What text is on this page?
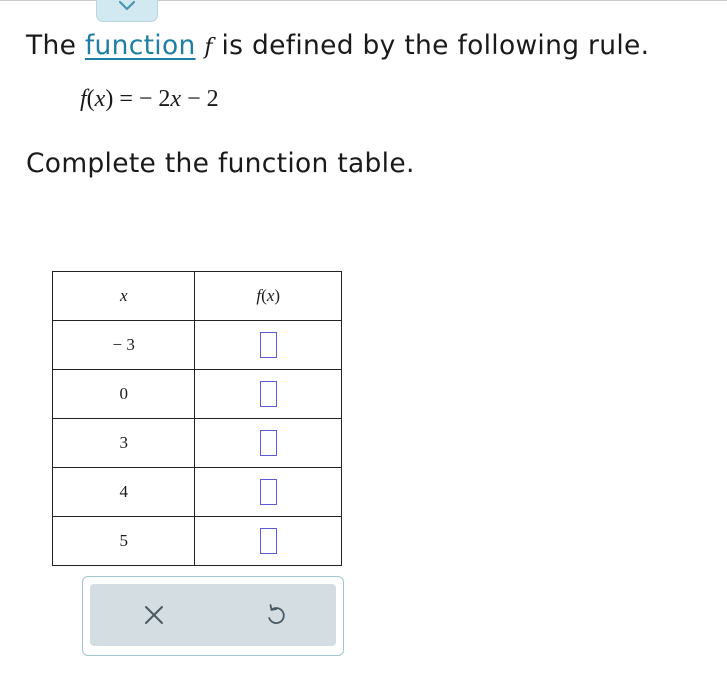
The function f is defined by the following rule.
f(x) = − 2x − 2
Complete the function table.
x	f(x)
− 3	
0	
3	
4	
5	
